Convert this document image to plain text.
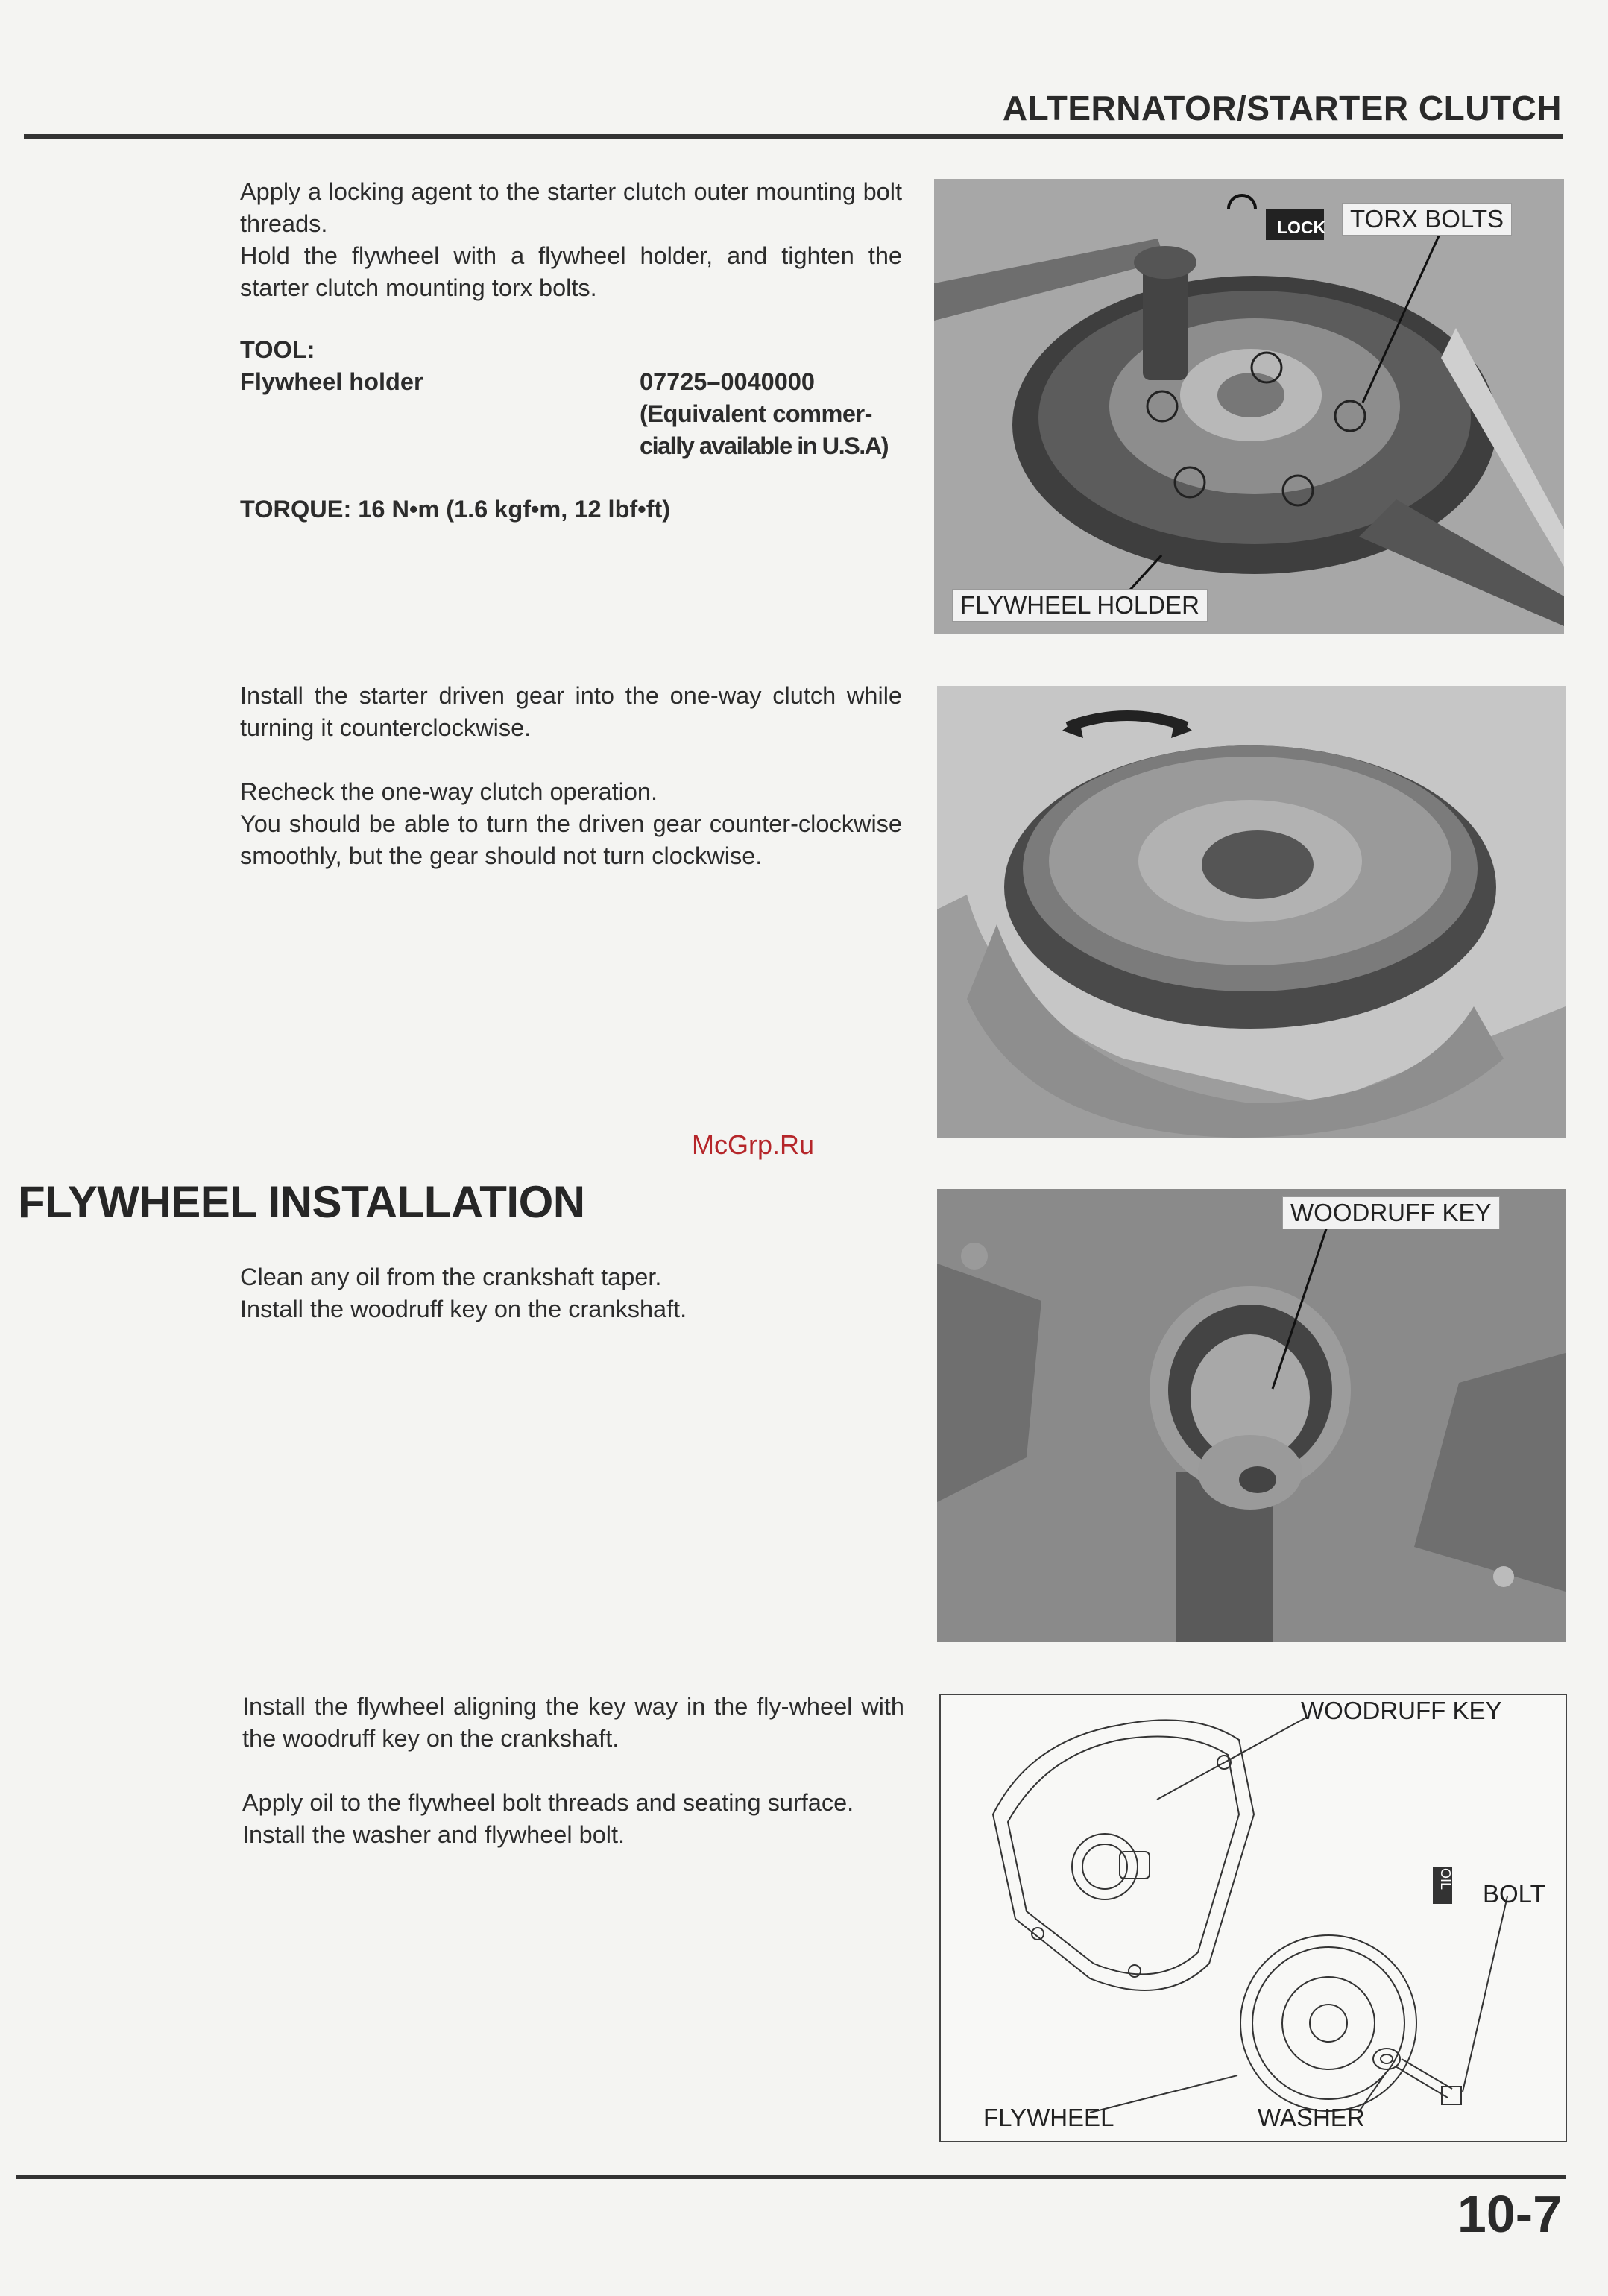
ALTERNATOR/STARTER CLUTCH

Apply a locking agent to the starter clutch outer mounting bolt threads.

Hold the flywheel with a flywheel holder, and tighten the starter clutch mounting torx bolts.

TOOL:
Flywheel holder	07725–0040000
(Equivalent commer-
cially available in U.S.A)
TORQUE: 16 N•m (1.6 kgf•m, 12 lbf•ft)
TORX BOLTS
LOCK
FLYWHEEL HOLDER

Install the starter driven gear into the one-way clutch while turning it counterclockwise.

Recheck the one-way clutch operation.

You should be able to turn the driven gear counter-clockwise smoothly, but the gear should not turn clockwise.

McGrp.Ru
FLYWHEEL INSTALLATION

Clean any oil from the crankshaft taper.

Install the woodruff key on the crankshaft.

WOODRUFF KEY

Install the flywheel aligning the key way in the fly-wheel with the woodruff key on the crankshaft.

Apply oil to the flywheel bolt threads and seating surface.

Install the washer and flywheel bolt.

WOODRUFF KEY
OIL
BOLT
FLYWHEEL	WASHER
10-7
